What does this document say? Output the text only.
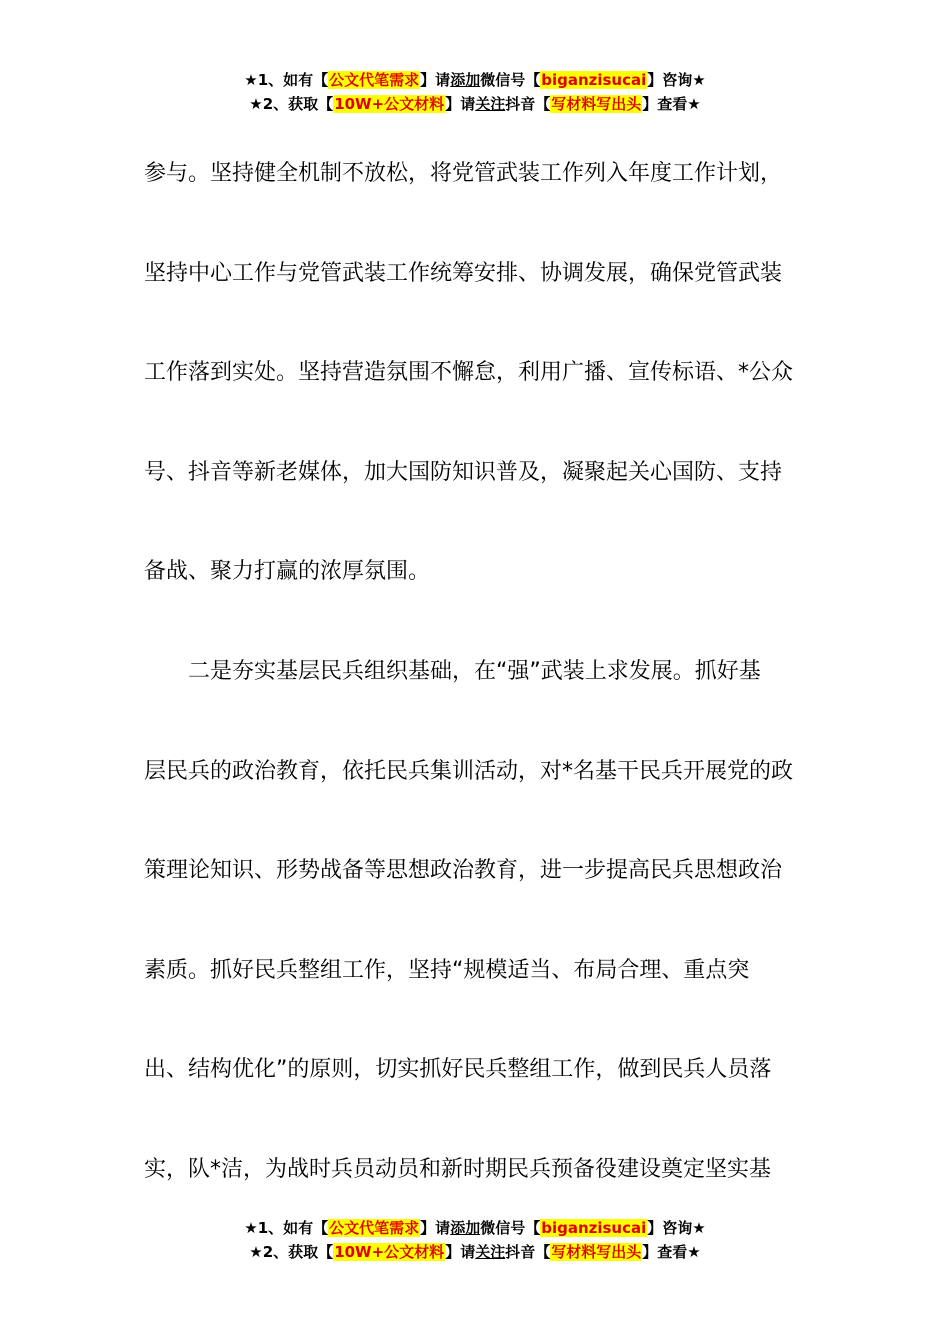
★1、如有【公文代笔需求】请添加微信号【biganzisucai】咨询★
★2、获取【10W+公文材料】请关注抖音【写材料写出头】查看★
参与。坚持健全机制不放松，将党管武装工作列入年度工作计划，
坚持中心工作与党管武装工作统筹安排、协调发展，确保党管武装
工作落到实处。坚持营造氛围不懈怠，利用广播、宣传标语、*公众
号、抖音等新老媒体，加大国防知识普及，凝聚起关心国防、支持
备战、聚力打赢的浓厚氛围。
　　二是夯实基层民兵组织基础，在“强”武装上求发展。抓好基
层民兵的政治教育，依托民兵集训活动，对*名基干民兵开展党的政
策理论知识、形势战备等思想政治教育，进一步提高民兵思想政治
素质。抓好民兵整组工作，坚持“规模适当、布局合理、重点突
出、结构优化”的原则，切实抓好民兵整组工作，做到民兵人员落
实，队*洁，为战时兵员动员和新时期民兵预备役建设奠定坚实基
★1、如有【公文代笔需求】请添加微信号【biganzisucai】咨询★
★2、获取【10W+公文材料】请关注抖音【写材料写出头】查看★
